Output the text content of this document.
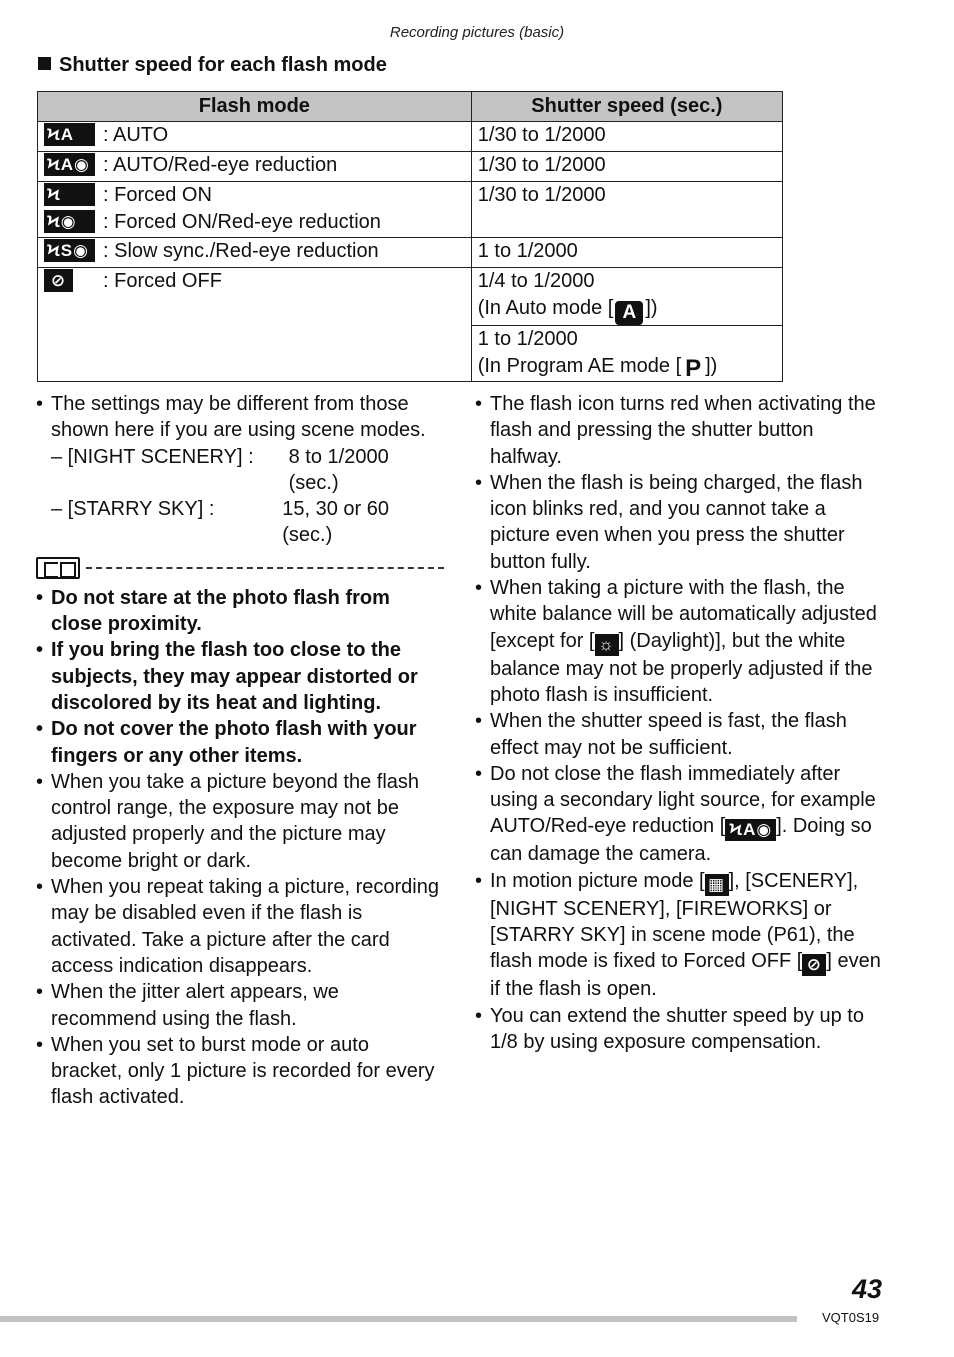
Recording pictures (basic)
Shutter speed for each flash mode
Flash mode	Shutter speed (sec.)
ϞA : AUTO	1/30 to 1/2000
ϞA◉ : AUTO/Red-eye reduction	1/30 to 1/2000

Ϟ : Forced ON
Ϟ◉ : Forced ON/Red-eye reduction	1/30 to 1/2000
ϞS◉ : Slow sync./Red-eye reduction	1 to 1/2000
⊘ : Forced OFF	1/4 to 1/2000
(In Auto mode [ A ])

	1 to 1/2000
(In Program AE mode [ P ])
• The settings may be different from those
shown here if you are using scene modes.
– [NIGHT SCENERY] :	8 to 1/2000 (sec.)
– [STARRY SKY] :	15, 30 or 60 (sec.)
• Do not stare at the photo flash from close proximity.
• If you bring the flash too close to the subjects, they may appear distorted or discolored by its heat and lighting.
• Do not cover the photo flash with your fingers or any other items.
• When you take a picture beyond the flash control range, the exposure may not be adjusted properly and the picture may become bright or dark.
• When you repeat taking a picture, recording may be disabled even if the flash is activated. Take a picture after the card access indication disappears.
• When the jitter alert appears, we recommend using the flash.
• When you set to burst mode or auto bracket, only 1 picture is recorded for every flash activated.
• The flash icon turns red when activating the flash and pressing the shutter button halfway.
• When the flash is being charged, the flash icon blinks red, and you cannot take a picture even when you press the shutter button fully.
• When taking a picture with the flash, the white balance will be automatically adjusted [except for [ ☼ ] (Daylight)], but the white balance may not be properly adjusted if the photo flash is insufficient.
• When the shutter speed is fast, the flash effect may not be sufficient.
• Do not close the flash immediately after using a secondary light source, for example AUTO/Red-eye reduction [ ϞA◉ ]. Doing so can damage the camera.
• In motion picture mode [ ▦ ], [SCENERY], [NIGHT SCENERY], [FIREWORKS] or [STARRY SKY] in scene mode (P61), the flash mode is fixed to Forced OFF [ ⊘ ] even if the flash is open.
• You can extend the shutter speed by up to 1/8 by using exposure compensation.
43
VQT0S19
